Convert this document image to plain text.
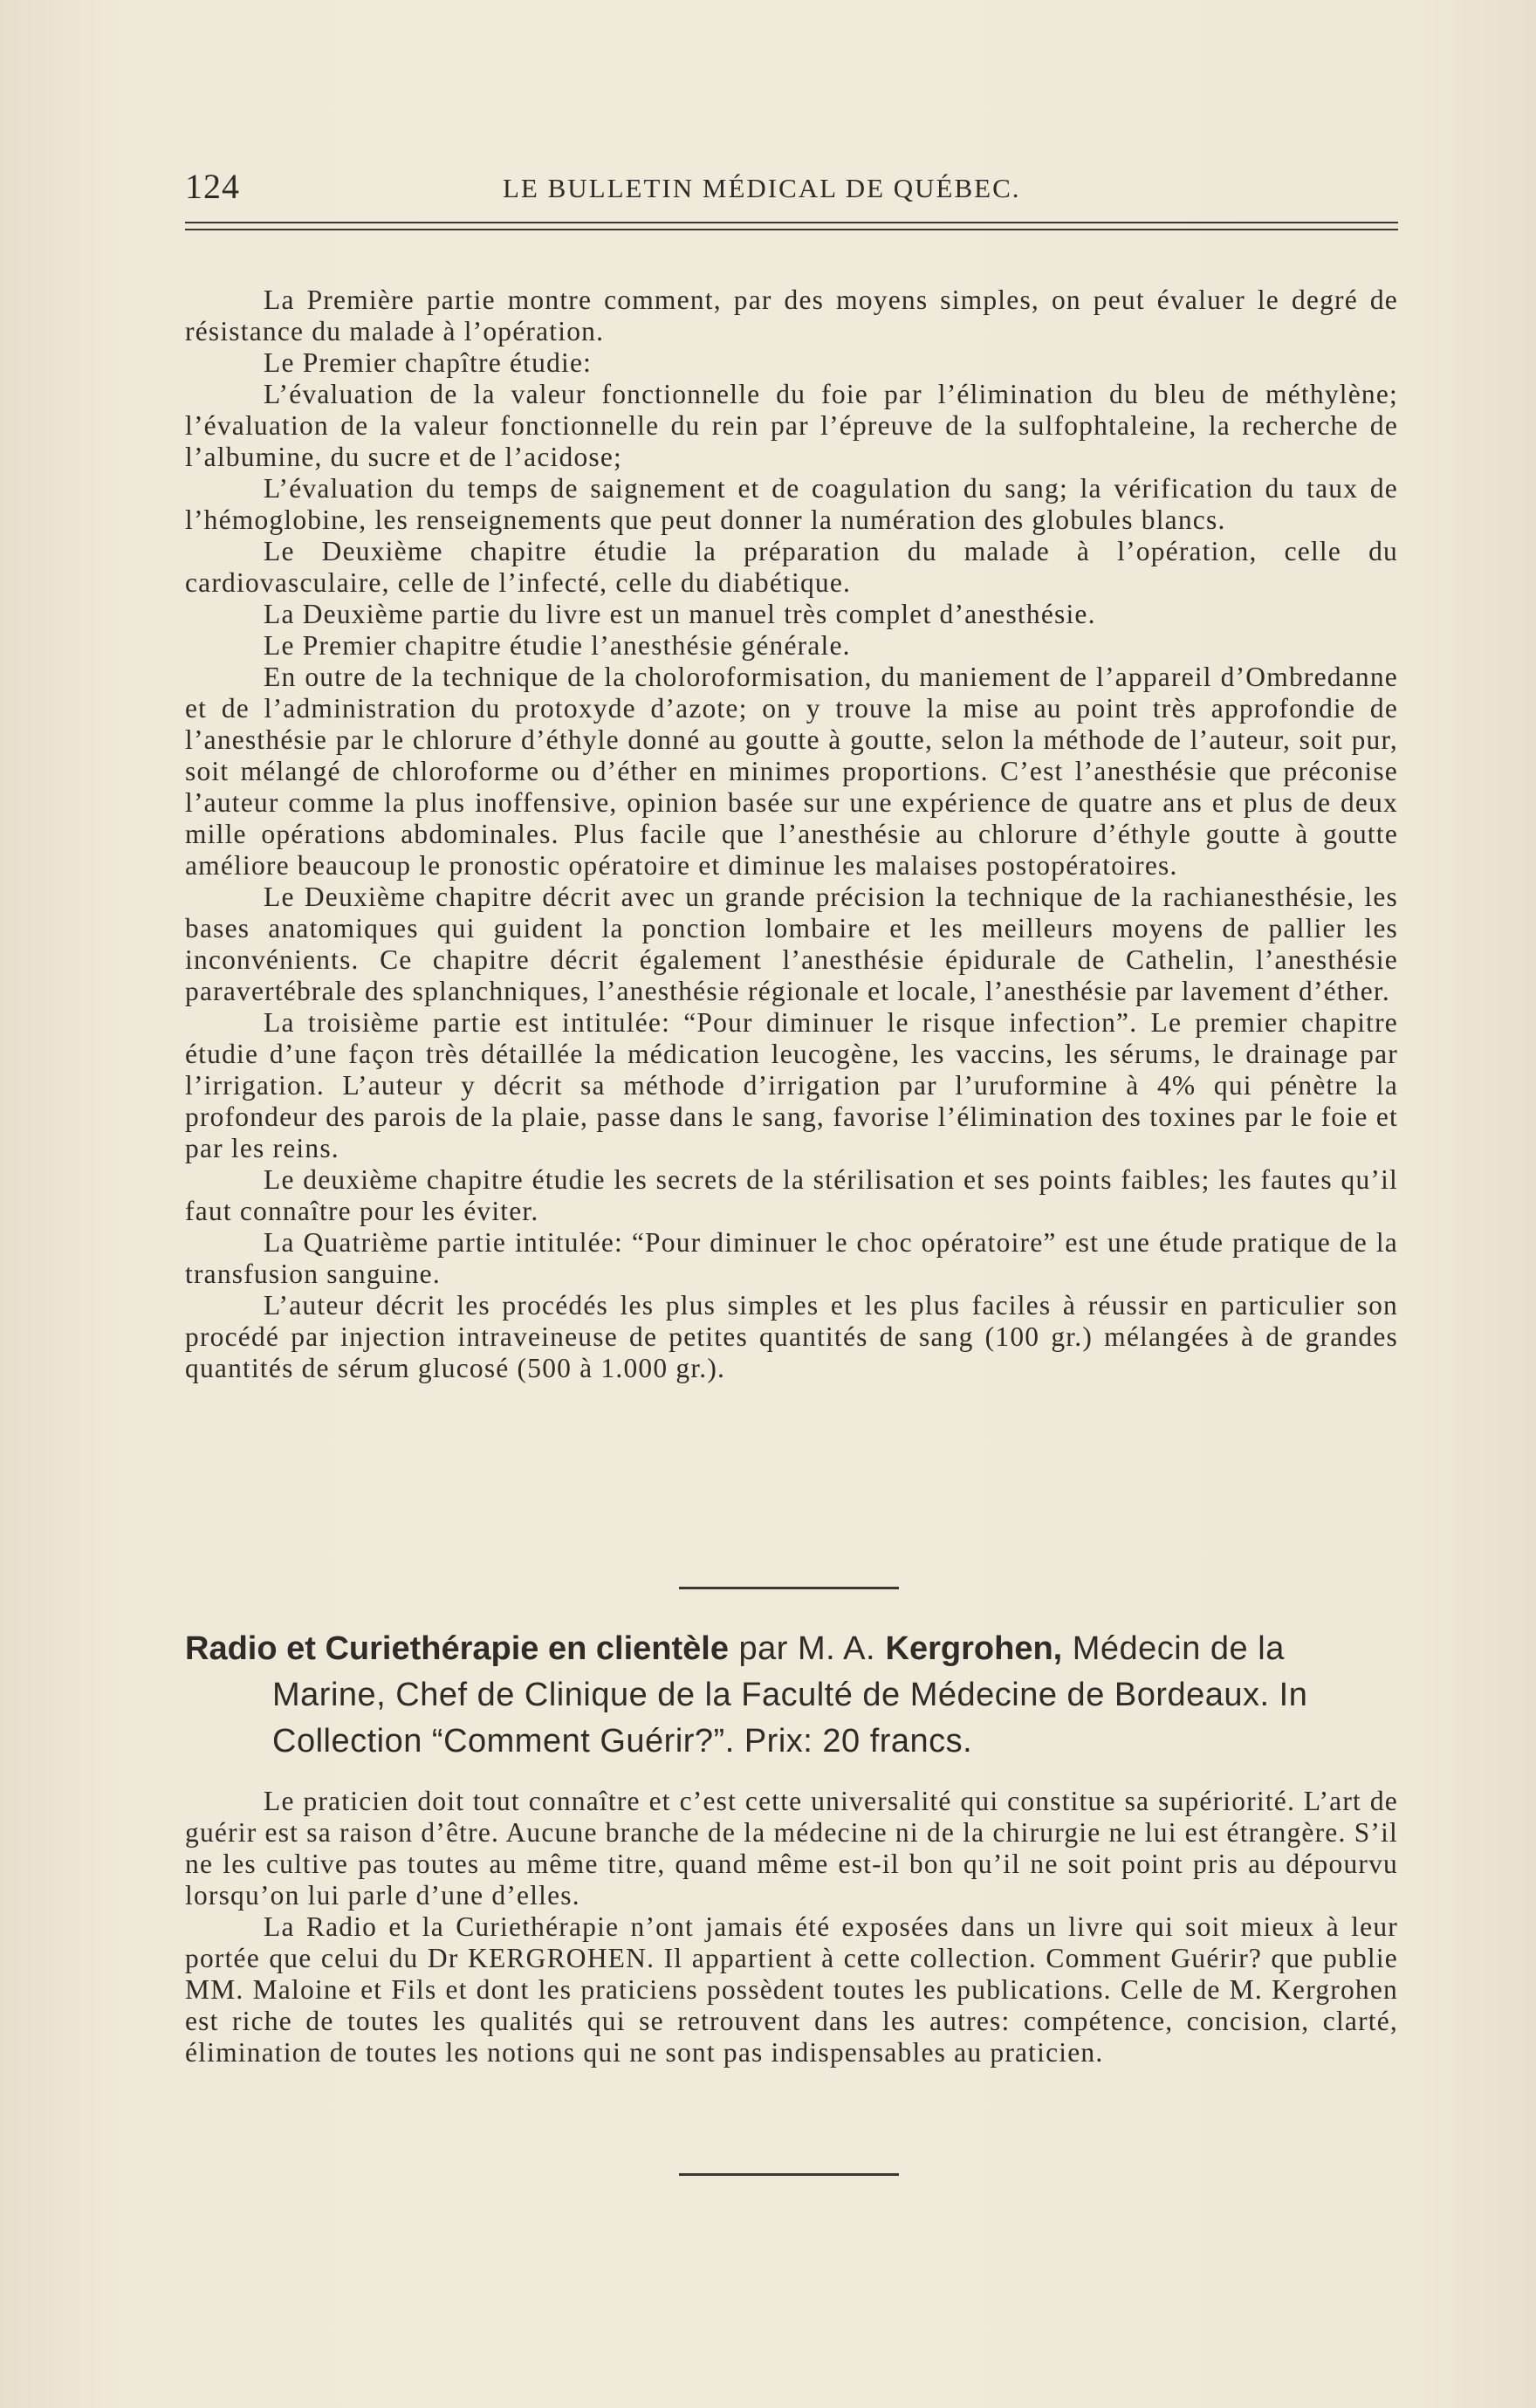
124	LE BULLETIN MÉDICAL DE QUÉBEC.

La Première partie montre comment, par des moyens simples, on peut évaluer le degré de résistance du malade à l’opération.

Le Premier chapître étudie:

L’évaluation de la valeur fonctionnelle du foie par l’élimination du bleu de méthylène; l’évaluation de la valeur fonctionnelle du rein par l’épreuve de la sulfophtaleine, la recherche de l’albumine, du sucre et de l’acidose;

L’évaluation du temps de saignement et de coagulation du sang; la vérification du taux de l’hémoglobine, les renseignements que peut donner la numération des globules blancs.

Le Deuxième chapitre étudie la préparation du malade à l’opération, celle du cardiovasculaire, celle de l’infecté, celle du diabétique.

La Deuxième partie du livre est un manuel très complet d’anesthésie.

Le Premier chapitre étudie l’anesthésie générale.

En outre de la technique de la choloroformisation, du maniement de l’appareil d’Ombredanne et de l’administration du protoxyde d’azote; on y trouve la mise au point très approfondie de l’anesthésie par le chlorure d’éthyle donné au goutte à goutte, selon la méthode de l’auteur, soit pur, soit mélangé de chloroforme ou d’éther en minimes proportions. C’est l’anesthésie que préconise l’auteur comme la plus inoffensive, opinion basée sur une expérience de quatre ans et plus de deux mille opérations abdominales. Plus facile que l’anesthésie au chlorure d’éthyle goutte à goutte améliore beaucoup le pronostic opératoire et diminue les malaises postopératoires.

Le Deuxième chapitre décrit avec un grande précision la technique de la rachianesthésie, les bases anatomiques qui guident la ponction lombaire et les meilleurs moyens de pallier les inconvénients. Ce chapitre décrit également l’anesthésie épidurale de Cathelin, l’anesthésie paravertébrale des splanchniques, l’anesthésie régionale et locale, l’anesthésie par lavement d’éther.

La troisième partie est intitulée: “Pour diminuer le risque infection”. Le premier chapitre étudie d’une façon très détaillée la médication leucogène, les vaccins, les sérums, le drainage par l’irrigation. L’auteur y décrit sa méthode d’irrigation par l’uruformine à 4% qui pénètre la profondeur des parois de la plaie, passe dans le sang, favorise l’élimination des toxines par le foie et par les reins.

Le deuxième chapitre étudie les secrets de la stérilisation et ses points faibles; les fautes qu’il faut connaître pour les éviter.

La Quatrième partie intitulée: “Pour diminuer le choc opératoire” est une étude pratique de la transfusion sanguine.

L’auteur décrit les procédés les plus simples et les plus faciles à réussir en particulier son procédé par injection intraveineuse de petites quantités de sang (100 gr.) mélangées à de grandes quantités de sérum glucosé (500 à 1.000 gr.).

Radio et Curiethérapie en clientèle par M. A. Kergrohen, Médecin de la Marine, Chef de Clinique de la Faculté de Médecine de Bordeaux. In Collection “Comment Guérir?”. Prix: 20 francs.

Le praticien doit tout connaître et c’est cette universalité qui constitue sa supériorité. L’art de guérir est sa raison d’être. Aucune branche de la médecine ni de la chirurgie ne lui est étrangère. S’il ne les cultive pas toutes au même titre, quand même est-il bon qu’il ne soit point pris au dépourvu lorsqu’on lui parle d’une d’elles.

La Radio et la Curiethérapie n’ont jamais été exposées dans un livre qui soit mieux à leur portée que celui du Dr KERGROHEN. Il appartient à cette collection. Comment Guérir? que publie MM. Maloine et Fils et dont les praticiens possèdent toutes les publications. Celle de M. Kergrohen est riche de toutes les qualités qui se retrouvent dans les autres: compétence, concision, clarté, élimination de toutes les notions qui ne sont pas indispensables au praticien.
